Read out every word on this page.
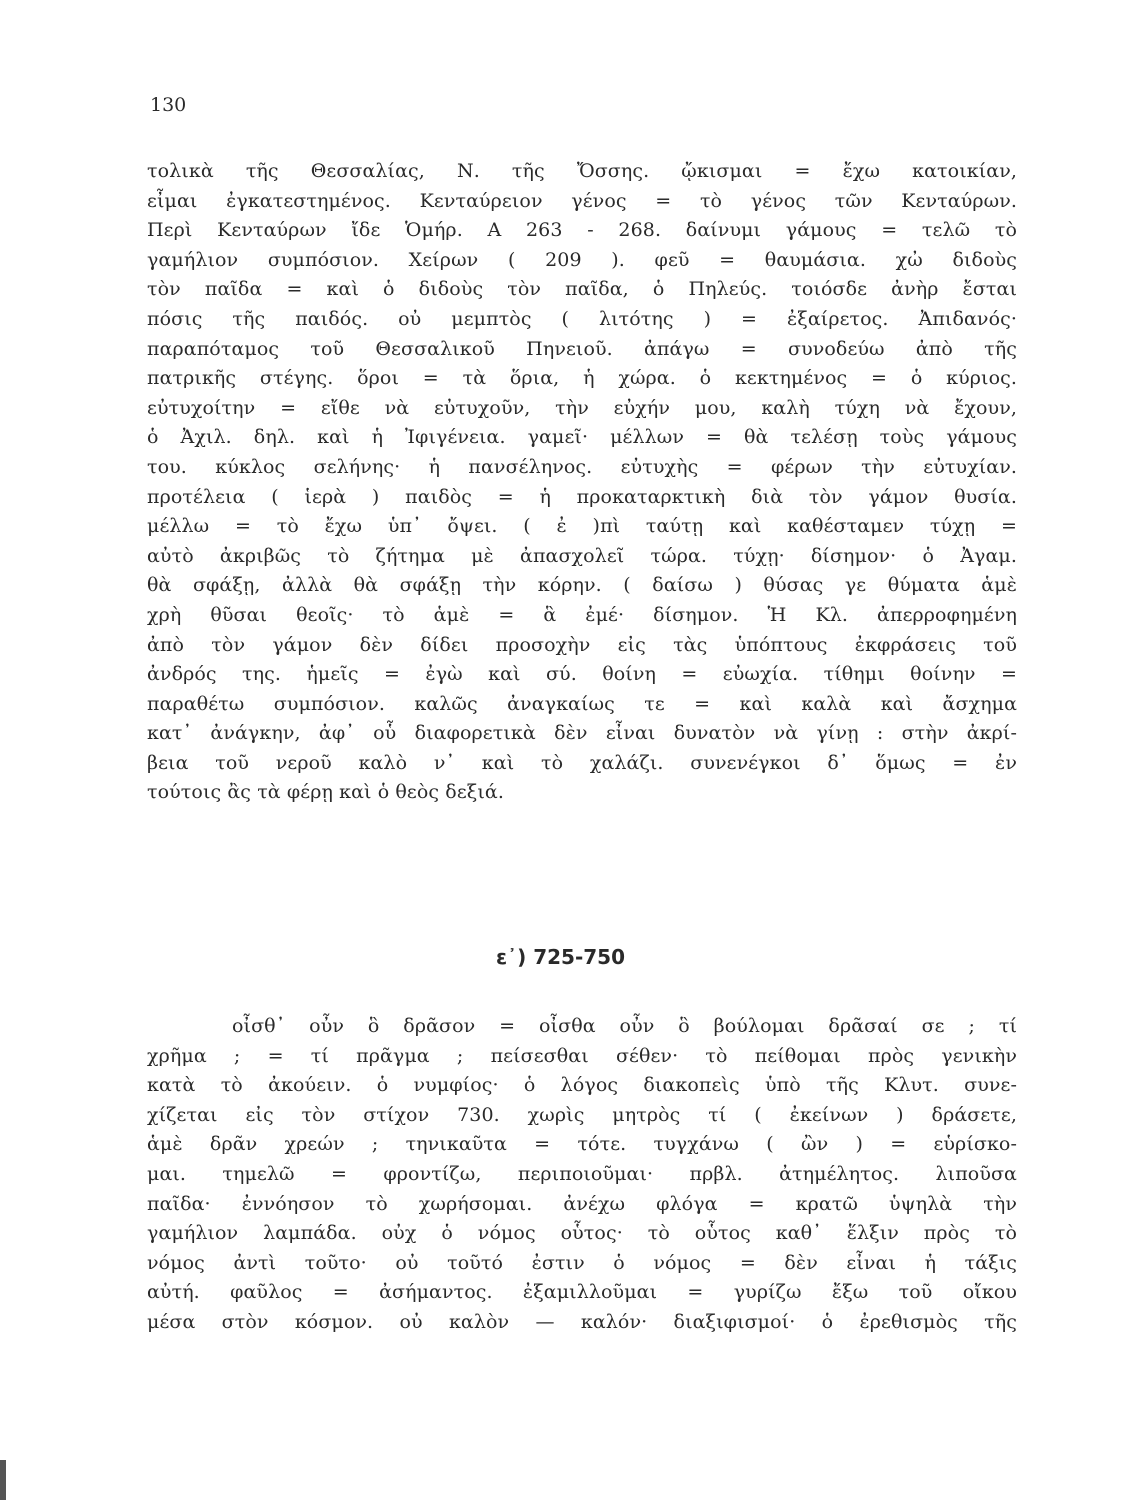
130
τολικὰ τῆς Θεσσαλίας, Ν. τῆς Ὄσσης. ᾤκισμαι = ἔχω κατοικίαν,
εἶμαι ἐγκατεστημένος. Κενταύρειον γένος = τὸ γένος τῶν Κενταύρων.
Περὶ Κενταύρων ἴδε Ὁμήρ. Α 263 - 268. δαίνυμι γάμους = τελῶ τὸ
γαμήλιον συμπόσιον. Χείρων ( 209 ). φεῦ = θαυμάσια. χὠ διδοὺς
τὸν παῖδα = καὶ ὁ διδοὺς τὸν παῖδα, ὁ Πηλεύς. τοιόσδε ἀνὴρ ἔσται
πόσις τῆς παιδός. οὐ μεμπτὸς ( λιτότης ) = ἐξαίρετος. Ἀπιδανός·
παραπόταμος τοῦ Θεσσαλικοῦ Πηνειοῦ. ἀπάγω = συνοδεύω ἀπὸ τῆς
πατρικῆς στέγης. ὅροι = τὰ ὅρια, ἡ χώρα. ὁ κεκτημένος = ὁ κύριος.
εὐτυχοίτην = εἴθε νὰ εὐτυχοῦν, τὴν εὐχήν μου, καλὴ τύχη νὰ ἔχουν,
ὁ Ἀχιλ. δηλ. καὶ ἡ Ἰφιγένεια. γαμεῖ· μέλλων = θὰ τελέσῃ τοὺς γάμους
του. κύκλος σελήνης· ἡ πανσέληνος. εὐτυχὴς = φέρων τὴν εὐτυχίαν.
προτέλεια ( ἱερὰ ) παιδὸς = ἡ προκαταρκτικὴ διὰ τὸν γάμον θυσία.
μέλλω = τὸ ἔχω ὑπ᾽ ὄψει. ( ἐ )πὶ ταύτῃ καὶ καθέσταμεν τύχῃ =
αὐτὸ ἀκριβῶς τὸ ζήτημα μὲ ἀπασχολεῖ τώρα. τύχῃ· δίσημον· ὁ Ἀγαμ.
θὰ σφάξῃ, ἀλλὰ θὰ σφάξῃ τὴν κόρην. ( δαίσω ) θύσας γε θύματα ἁμὲ
χρὴ θῦσαι θεοῖς· τὸ ἁμὲ = ἃ ἐμέ· δίσημον. Ἡ Κλ. ἀπερροφημένη
ἀπὸ τὸν γάμον δὲν δίδει προσοχὴν εἰς τὰς ὑπόπτους ἐκφράσεις τοῦ
ἀνδρός της. ἡμεῖς = ἐγὼ καὶ σύ. θοίνη = εὐωχία. τίθημι θοίνην =
παραθέτω συμπόσιον. καλῶς ἀναγκαίως τε = καὶ καλὰ καὶ ἄσχημα
κατ᾽ ἀνάγκην, ἀφ᾽ οὗ διαφορετικὰ δὲν εἶναι δυνατὸν νὰ γίνῃ : στὴν ἀκρί-
βεια τοῦ νεροῦ καλὸ ν᾽ καὶ τὸ χαλάζι. συνενέγκοι δ᾽ ὅμως = ἐν
τούτοις ἂς τὰ φέρῃ καὶ ὁ θεὸς δεξιά.
ε᾽) 725-750
οἶσθ᾽ οὖν ὃ δρᾶσον = οἶσθα οὖν ὃ βούλομαι δρᾶσαί σε ; τί
χρῆμα ; = τί πρᾶγμα ; πείσεσθαι σέθεν· τὸ πείθομαι πρὸς γενικὴν
κατὰ τὸ ἀκούειν. ὁ νυμφίος· ὁ λόγος διακοπεὶς ὑπὸ τῆς Κλυτ. συνε-
χίζεται εἰς τὸν στίχον 730. χωρὶς μητρὸς τί ( ἐκείνων ) δράσετε,
ἁμὲ δρᾶν χρεών ; τηνικαῦτα = τότε. τυγχάνω ( ὢν ) = εὑρίσκο-
μαι. τημελῶ = φροντίζω, περιποιοῦμαι· πρβλ. ἀτημέλητος. λιποῦσα
παῖδα· ἐννόησον τὸ χωρήσομαι. ἀνέχω φλόγα = κρατῶ ὑψηλὰ τὴν
γαμήλιον λαμπάδα. οὐχ ὁ νόμος οὗτος· τὸ οὗτος καθ᾽ ἕλξιν πρὸς τὸ
νόμος ἀντὶ τοῦτο· οὐ τοῦτό ἐστιν ὁ νόμος = δὲν εἶναι ἡ τάξις
αὐτή. φαῦλος = ἀσήμαντος. ἐξαμιλλοῦμαι = γυρίζω ἔξω τοῦ οἴκου
μέσα στὸν κόσμον. οὐ καλὸν — καλόν· διαξιφισμοί· ὁ ἐρεθισμὸς τῆς
